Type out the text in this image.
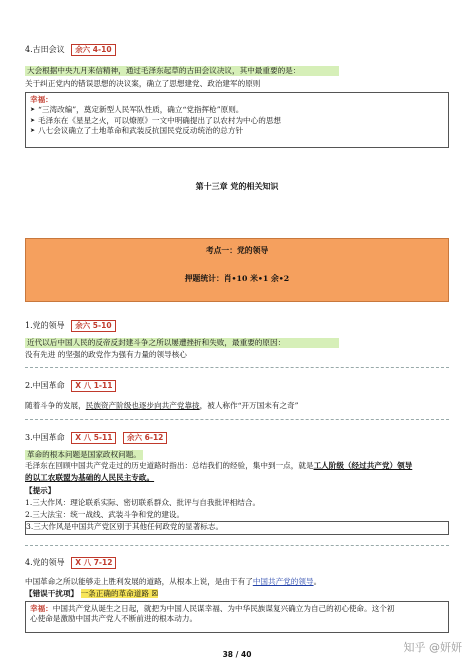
4.古田会议 余六 4-10
大会根据中央九月来信精神，通过毛泽东起草的古田会议决议，其中最重要的是：
关于纠正党内的错误思想的决议案，确立了思想建党、政治建军的原则
幸福：
➤ “三湾改编”，奠定新型人民军队性质，确立“党指挥枪”原则。
➤ 毛泽东在《星星之火，可以燎原》一文中明确提出了以农村为中心的思想
➤ 八七会议确立了土地革命和武装反抗国民党反动统治的总方针
第十三章 党的相关知识
考点一：党的领导
押题统计：肖•10 米•1 余•2
1.党的领导 余六 5-10
近代以后中国人民的反帝反封建斗争之所以屡遭挫折和失败，最重要的原因：
没有先进 的坚强的政党作为强有力量的领导核心
2.中国革命 X 八 1-11
随着斗争的发展，民族资产阶级也逐步向共产党靠拢，被人称作“开万国未有之奇”
3.中国革命 X 八 5-11 余六 6-12
革命的根本问题是国家政权问题。
毛泽东在回顾中国共产党走过的历史道路时指出：总结我们的经验，集中到一点，就是工人阶级（经过共产党）领导
的以工农联盟为基础的人民民主专政。
【提示】
1.三大作风：理论联系实际、密切联系群众、批评与自我批评相结合。
2.三大法宝：统一战线、武装斗争和党的建设。
3.三大作风是中国共产党区别于其他任何政党的显著标志。
4.党的领导 X 八 7-12
中国革命之所以能够走上胜利发展的道路，从根本上说，是由于有了中国共产党的领导。
【错误干扰项】 一条正确的革命道路 ☒
幸福：中国共产党从诞生之日起，就把为中国人民谋幸福、为中华民族谋复兴确立为自己的初心使命。这个初
心使命是激励中国共产党人不断前进的根本动力。
38 / 40
知乎 @妍妍
